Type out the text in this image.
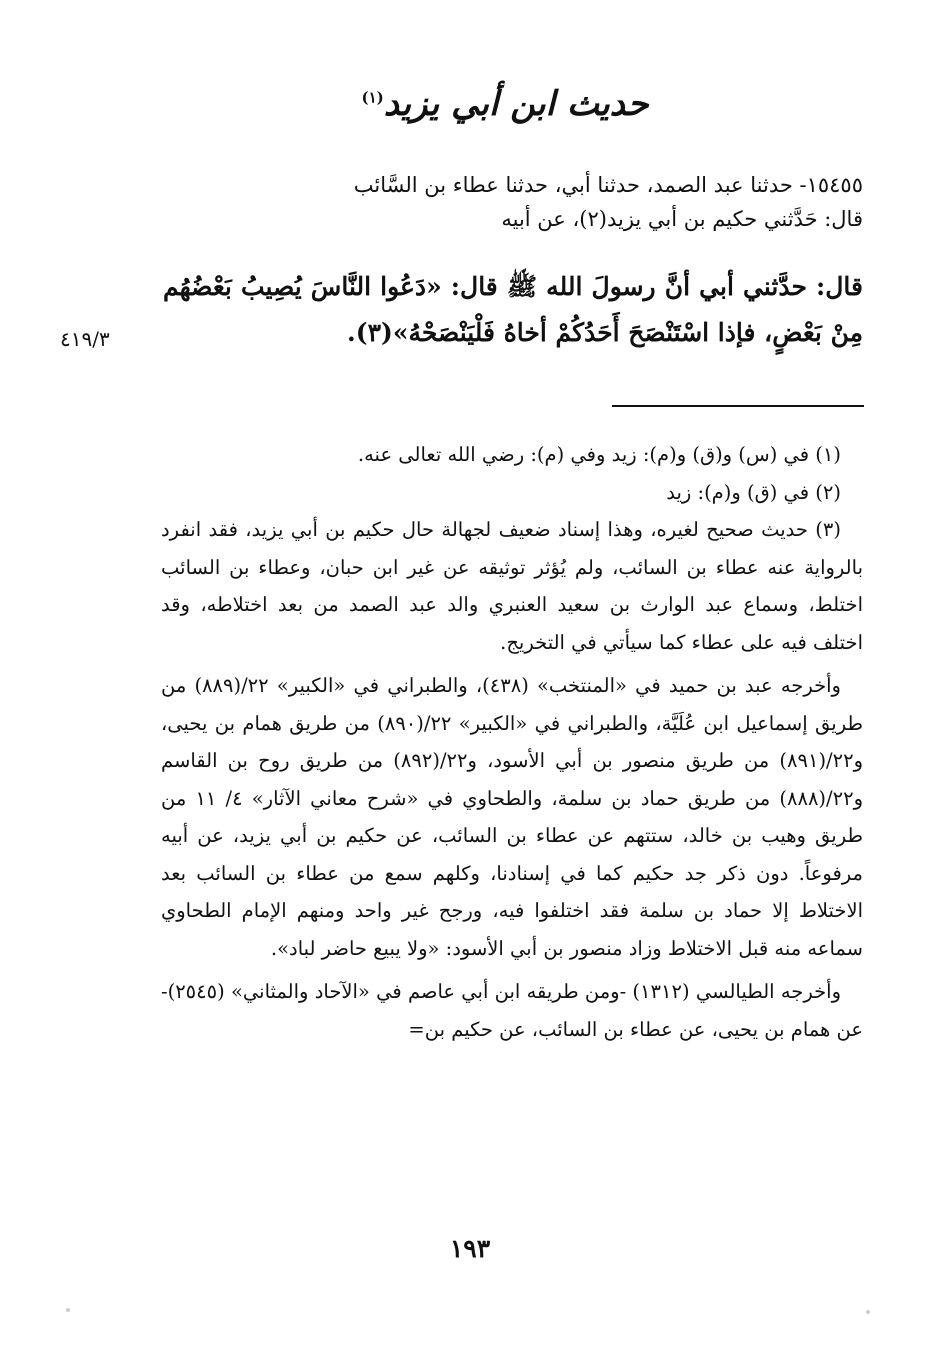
حديث ابن أبي يزيد$^{(١)}$
١٥٤٥٥- حدثنا عبد الصمد، حدثنا أبي، حدثنا عطاء بن السَّائب
قال: حَدَّثني حكيم بن أبي يزيد(٢)، عن أبيه
قال: حدَّثني أبي أنَّ رسولَ الله ﷺ قال: «دَعُوا النَّاسَ يُصِيبُ بَعْضُهُم مِنْ بَعْضٍ، فإذا اسْتَنْصَحَ أَحَدُكُمْ أخاهُ فَلْيَنْصَحْهُ»(٣).
٤١٩/٣

(١) في (س) و(ق) و(م): زيد وفي (م): رضي الله تعالى عنه.

(٢) في (ق) و(م): زيد

(٣) حديث صحيح لغيره، وهذا إسناد ضعيف لجهالة حال حكيم بن أبي يزيد، فقد انفرد بالرواية عنه عطاء بن السائب، ولم يُؤثر توثيقه عن غير ابن حبان، وعطاء بن السائب اختلط، وسماع عبد الوارث بن سعيد العنبري والد عبد الصمد من بعد اختلاطه، وقد اختلف فيه على عطاء كما سيأتي في التخريج.

وأخرجه عبد بن حميد في «المنتخب» (٤٣٨)، والطبراني في «الكبير» ٢٢/(٨٨٩) من طريق إسماعيل ابن عُلَيَّة، والطبراني في «الكبير» ٢٢/(٨٩٠) من طريق همام بن يحيى، و٢٢/(٨٩١) من طريق منصور بن أبي الأسود، و٢٢/(٨٩٢) من طريق روح بن القاسم و٢٢/(٨٨٨) من طريق حماد بن سلمة، والطحاوي في «شرح معاني الآثار» ٤/ ١١ من طريق وهيب بن خالد، ستتهم عن عطاء بن السائب، عن حكيم بن أبي يزيد، عن أبيه مرفوعاً. دون ذكر جد حكيم كما في إسنادنا، وكلهم سمع من عطاء بن السائب بعد الاختلاط إلا حماد بن سلمة فقد اختلفوا فيه، ورجح غير واحد ومنهم الإمام الطحاوي سماعه منه قبل الاختلاط وزاد منصور بن أبي الأسود: «ولا يبيع حاضر لباد».

وأخرجه الطيالسي (١٣١٢) -ومن طريقه ابن أبي عاصم في «الآحاد والمثاني» (٢٥٤٥)- عن همام بن يحيى، عن عطاء بن السائب، عن حكيم بن=

١٩٣
